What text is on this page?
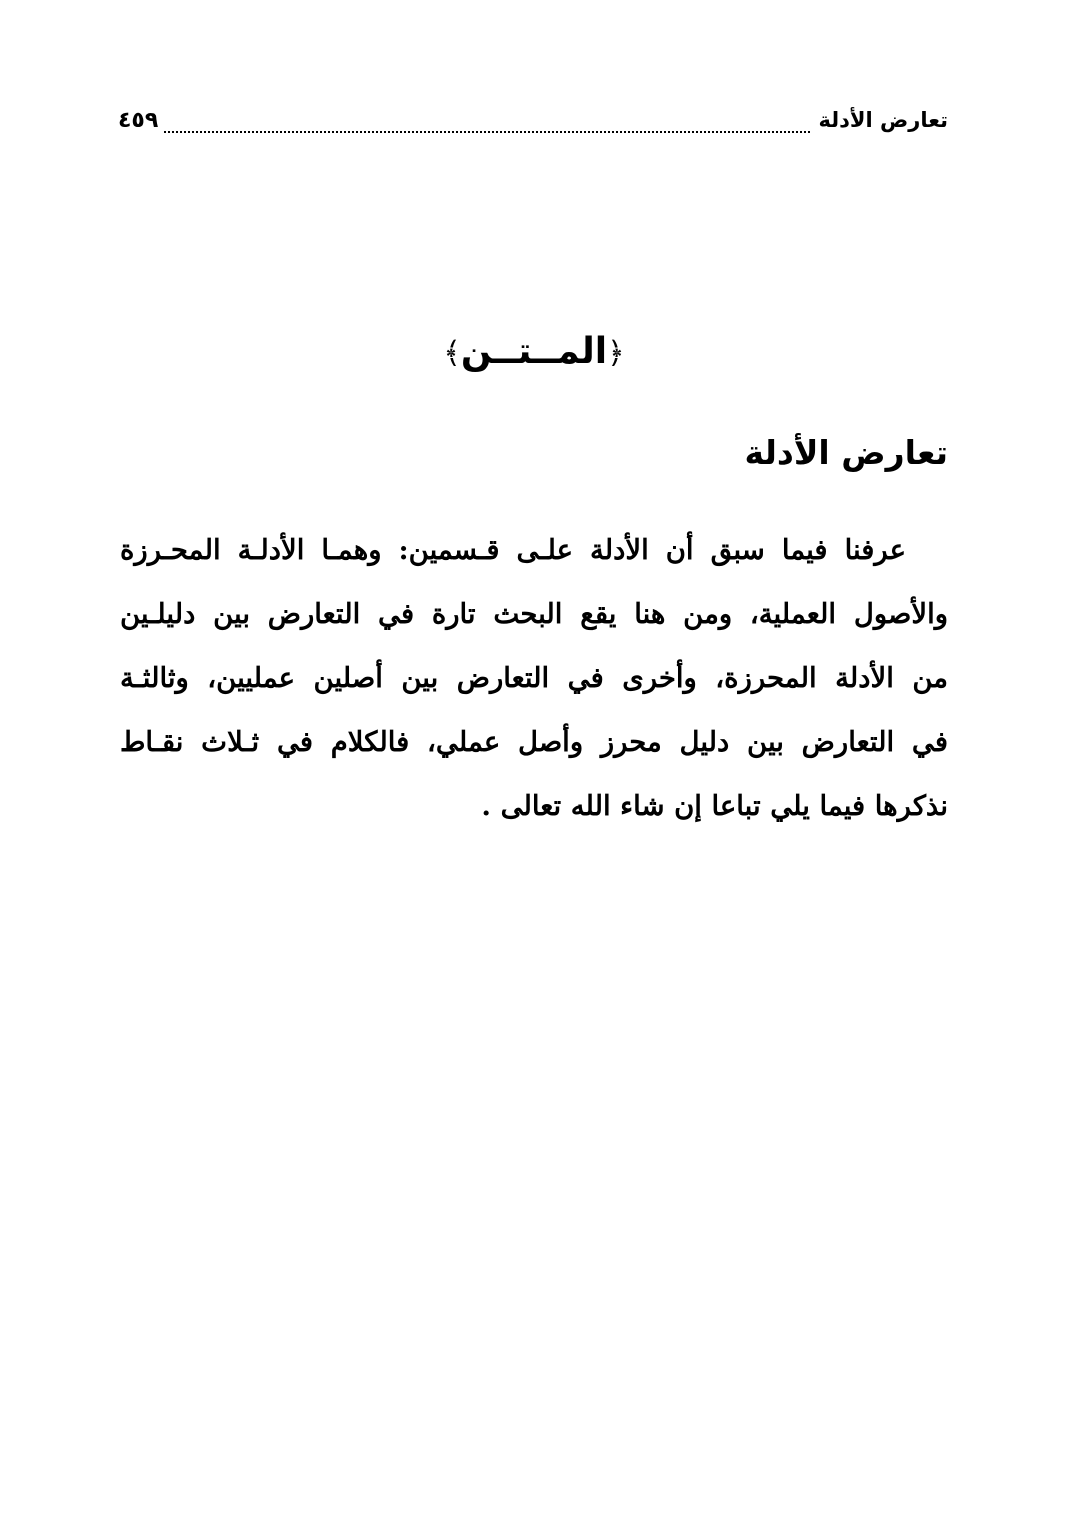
تعارض الأدلة
٤٥٩
﴿المــتــن﴾
تعارض الأدلة
عرفنا فيما سبق أن الأدلة علـى قـسمين: وهمـا الأدلـة المحـرزة
والأصول العملية، ومن هنا يقع البحث تارة في التعارض بين دليلـين
من الأدلة المحرزة، وأخرى في التعارض بين أصلين عمليين، وثالثـة
في التعارض بين دليل محرز وأصل عملي، فالكلام في ثـلاث نقـاط
نذكرها فيما يلي تباعا إن شاء الله تعالى .
